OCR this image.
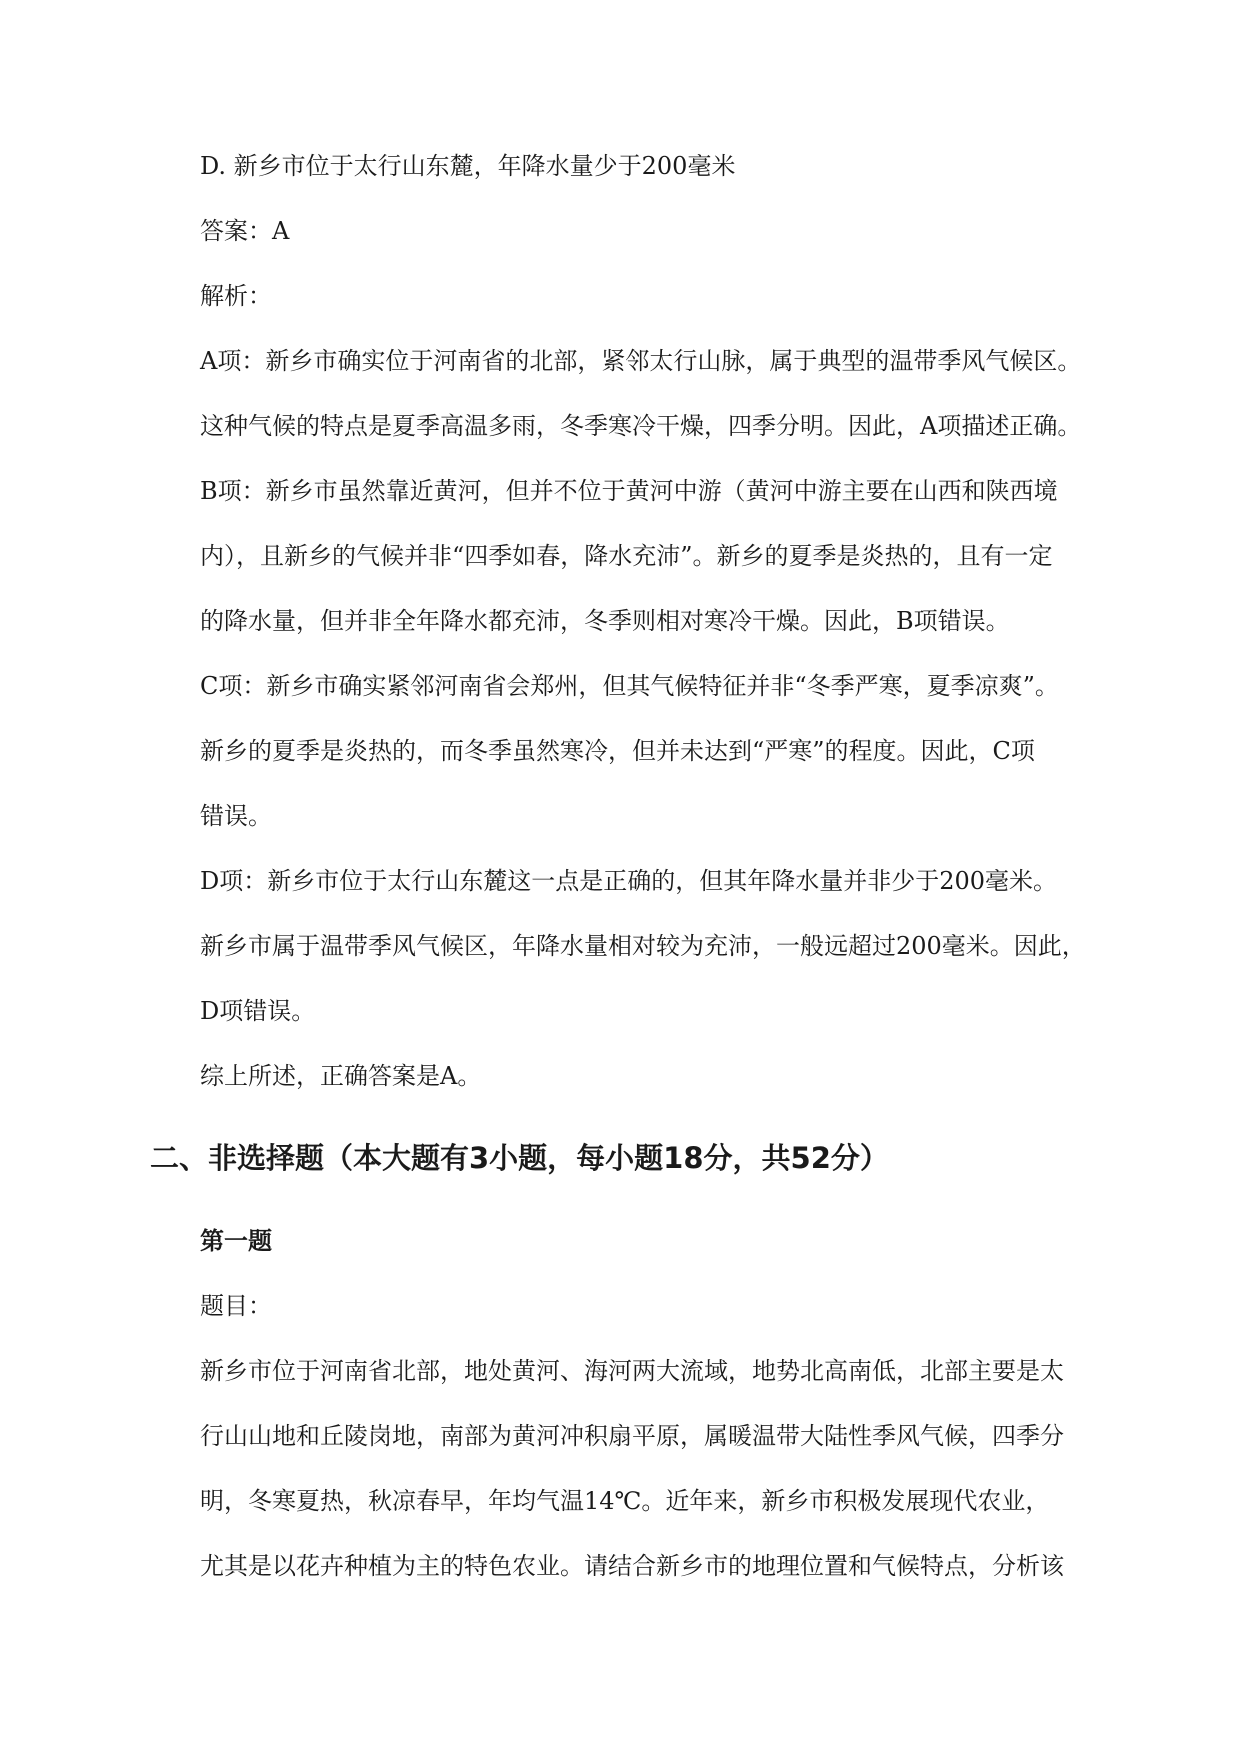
D. 新乡市位于太行山东麓，年降水量少于200毫米
答案：A
解析：
A项：新乡市确实位于河南省的北部，紧邻太行山脉，属于典型的温带季风气候区。
这种气候的特点是夏季高温多雨，冬季寒冷干燥，四季分明。因此，A项描述正确。
B项：新乡市虽然靠近黄河，但并不位于黄河中游（黄河中游主要在山西和陕西境
内），且新乡的气候并非“四季如春，降水充沛”。新乡的夏季是炎热的，且有一定
的降水量，但并非全年降水都充沛，冬季则相对寒冷干燥。因此，B项错误。
C项：新乡市确实紧邻河南省会郑州，但其气候特征并非“冬季严寒，夏季凉爽”。
新乡的夏季是炎热的，而冬季虽然寒冷，但并未达到“严寒”的程度。因此，C项
错误。
D项：新乡市位于太行山东麓这一点是正确的，但其年降水量并非少于200毫米。
新乡市属于温带季风气候区，年降水量相对较为充沛，一般远超过200毫米。因此，
D项错误。
综上所述，正确答案是A。
二、非选择题（本大题有3小题，每小题18分，共52分）
第一题
题目：
新乡市位于河南省北部，地处黄河、海河两大流域，地势北高南低，北部主要是太
行山山地和丘陵岗地，南部为黄河冲积扇平原，属暖温带大陆性季风气候，四季分
明，冬寒夏热，秋凉春早，年均气温14℃。近年来，新乡市积极发展现代农业，
尤其是以花卉种植为主的特色农业。请结合新乡市的地理位置和气候特点，分析该
